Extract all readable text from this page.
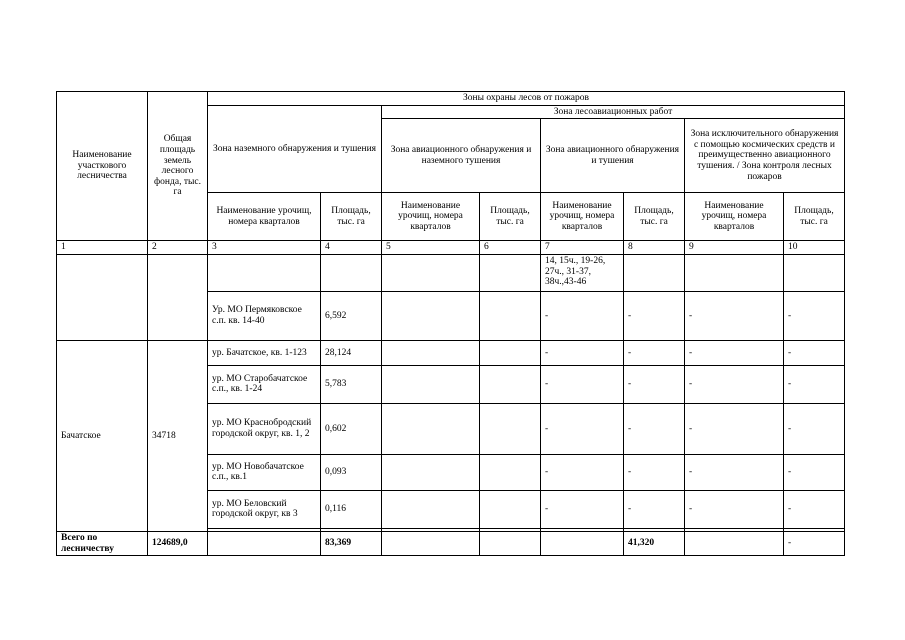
Наименование участкового лесничества	Общая площадь земель лесного фонда, тыс. га	Зоны охраны лесов от пожаров							
		Зона наземного обнаружения и тушения		Зона лесоавиационных работ					
				Зона авиационного обнаружения и наземного тушения		Зона авиационного обнаружения и тушения		Зона исключительного обнаружения с помощью космических средств и преимущественно авиационного тушения. / Зона контроля лесных пожаров	
		Наименование урочищ, номера кварталов	Площадь, тыс. га	Наименование урочищ, номера кварталов	Площадь, тыс. га	Наименование урочищ, номера кварталов	Площадь, тыс. га	Наименование урочищ, номера кварталов	Площадь, тыс. га
1	2	3	4	5	6	7	8	9	10
						14, 15ч., 19-26, 27ч., 31-37, 38ч.,43-46			
		Ур. МО Пермяковское с.п. кв. 14-40	6,592			-	-	-	-
Бачатское	34718	ур. Бачатское, кв. 1-123	28,124			-	-	-	-
		ур. МО Старобачатское с.п., кв. 1-24	5,783			-	-	-	-
		ур. МО Краснобродский городской округ, кв. 1, 2	0,602			-	-	-	-
		ур. МО Новобачатское с.п., кв.1	0,093			-	-	-	-
		ур. МО Беловский городской округ, кв 3	0,116			-	-	-	-

Всего по лесничеству	124689,0		83,369				41,320		-
